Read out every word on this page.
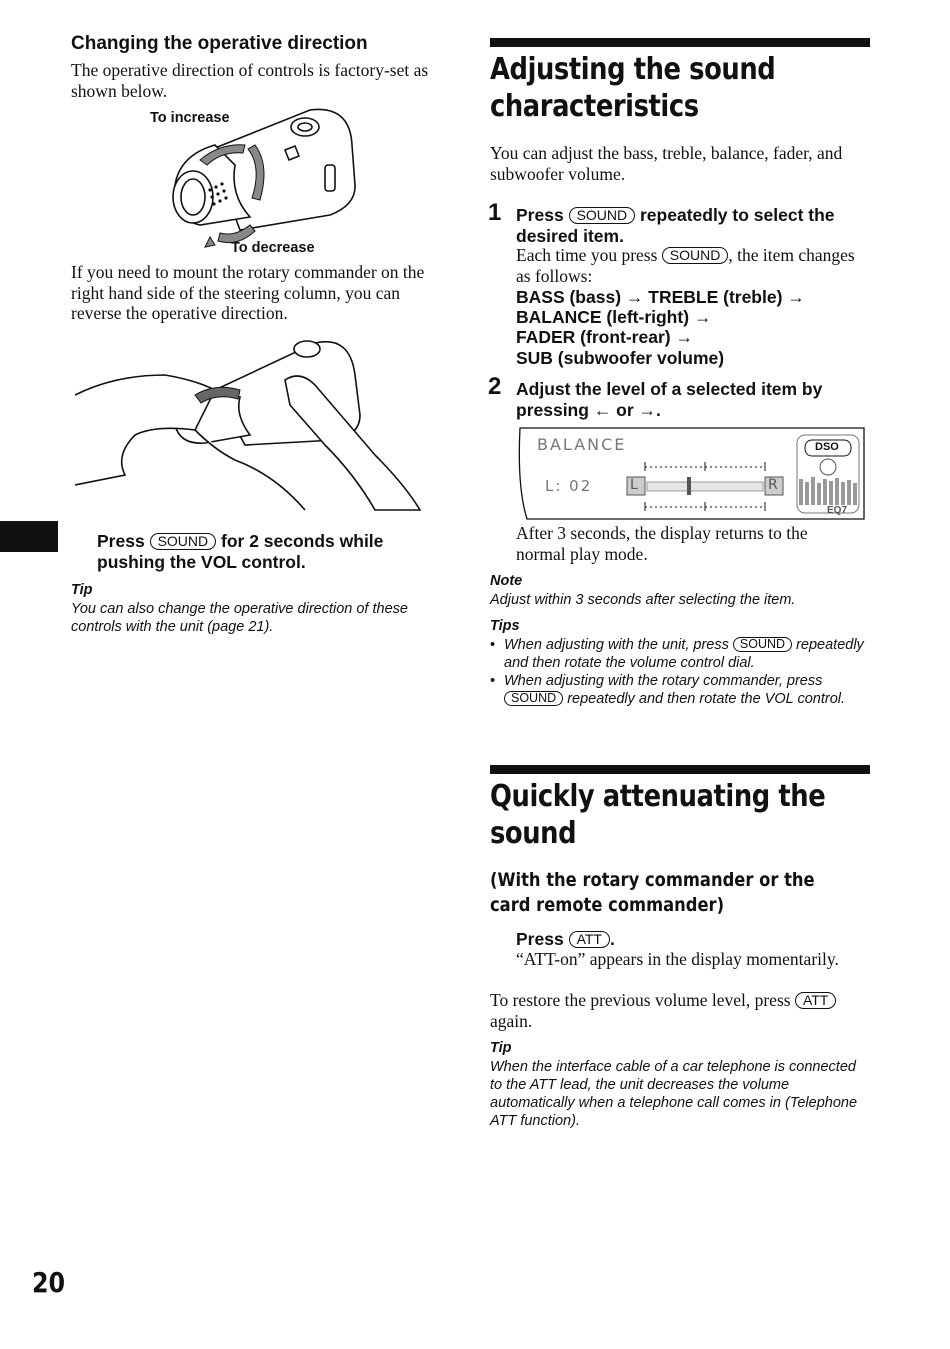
Changing the operative direction
The operative direction of controls is factory-set as shown below.
To increase
To decrease
If you need to mount the rotary commander on the right hand side of the steering column, you can reverse the operative direction.
Press SOUND for 2 seconds while pushing the VOL control.
Tip
You can also change the operative direction of these controls with the unit (page 21).
Adjusting the sound characteristics
You can adjust the bass, treble, balance, fader, and subwoofer volume.
1 Press SOUND repeatedly to select the desired item.
Each time you press SOUND , the item changes as follows:
BASS (bass) → TREBLE (treble) →
BALANCE (left-right) →
FADER (front-rear) →
SUB (subwoofer volume)
2 Adjust the level of a selected item by pressing ← or →.
BALANCE
L: 02	L	R
DSO
EQ7
After 3 seconds, the display returns to the normal play mode.
Note
Adjust within 3 seconds after selecting the item.
Tips
• When adjusting with the unit, press SOUND repeatedly and then rotate the volume control dial.
• When adjusting with the rotary commander, press SOUND repeatedly and then rotate the VOL control.
Quickly attenuating the sound
(With the rotary commander or the card remote commander)
Press ATT .
“ATT-on” appears in the display momentarily.
To restore the previous volume level, press ATT again.
Tip
When the interface cable of a car telephone is connected to the ATT lead, the unit decreases the volume automatically when a telephone call comes in (Telephone ATT function).
20
